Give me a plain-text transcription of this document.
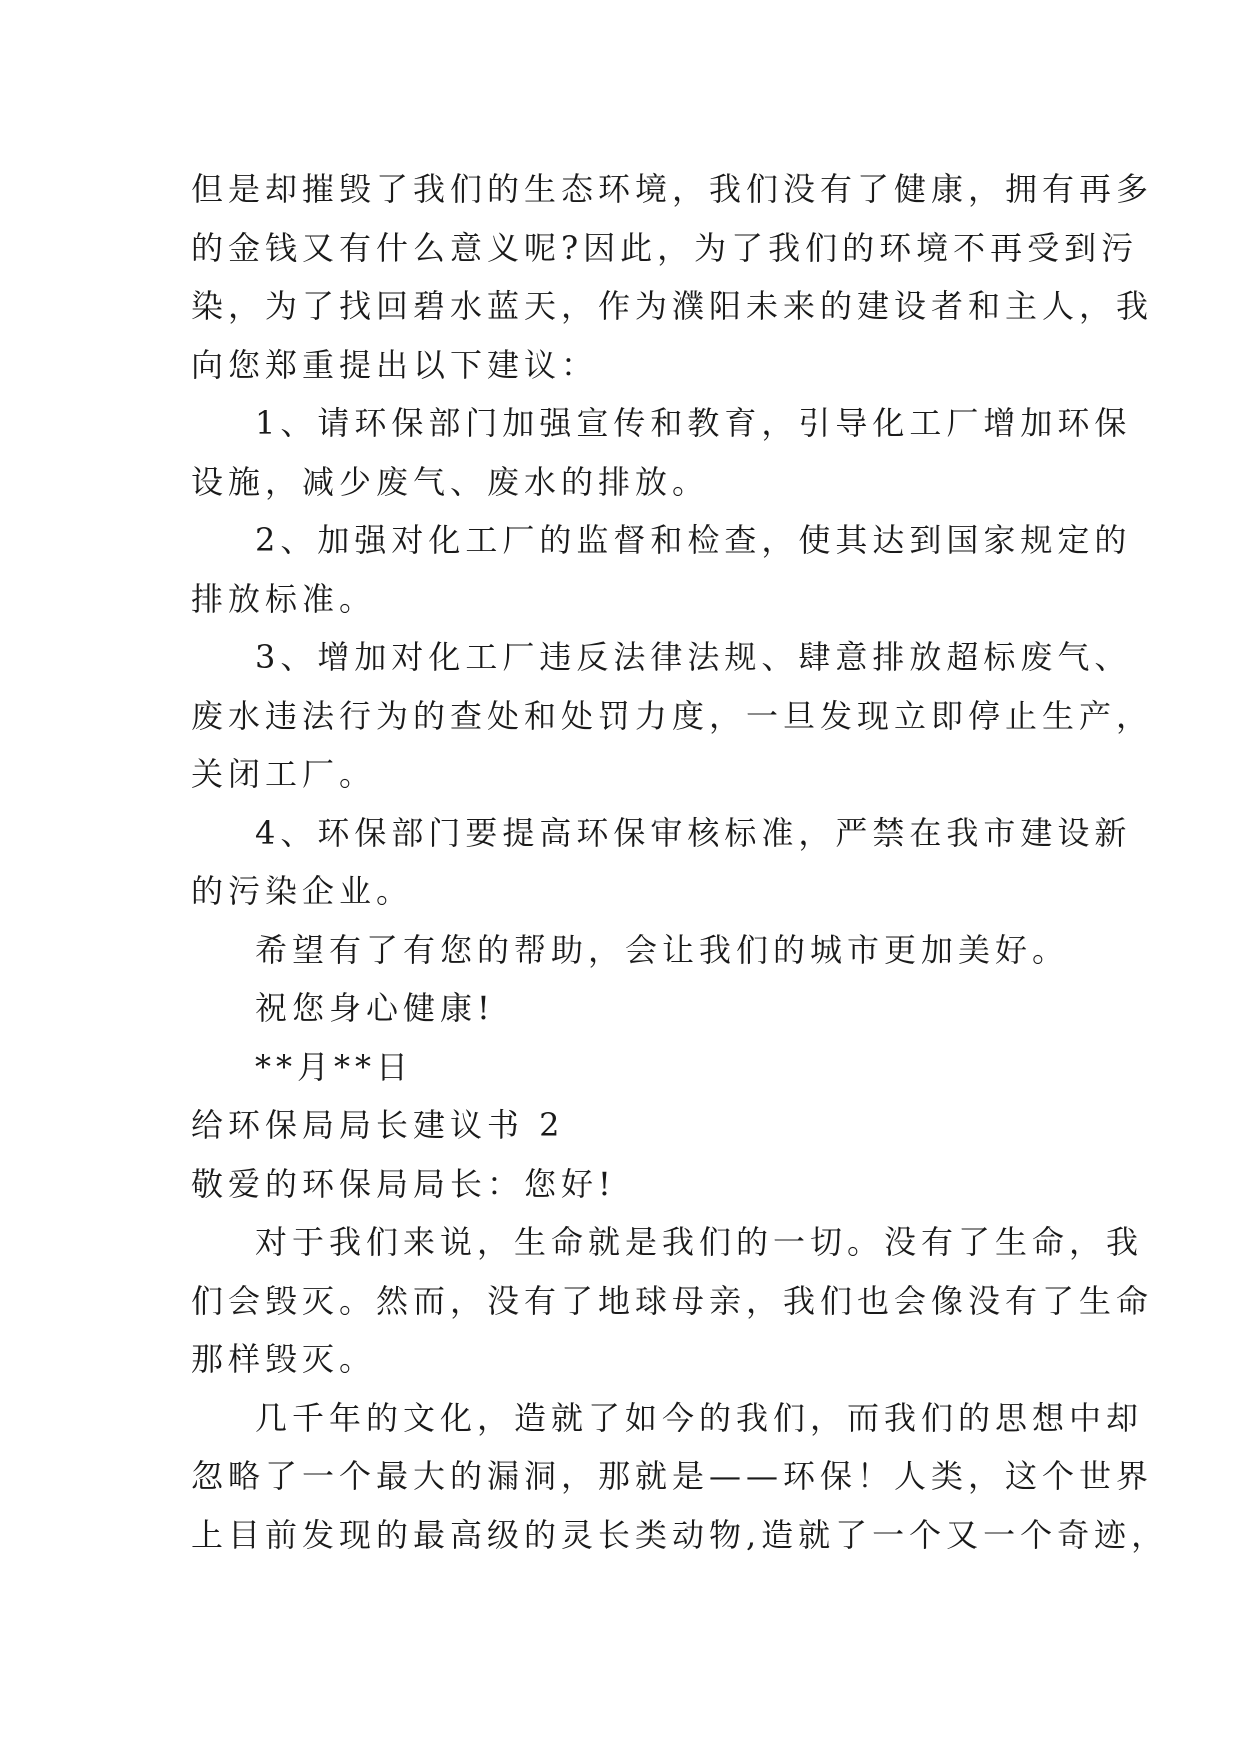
但是却摧毁了我们的生态环境，我们没有了健康，拥有再多
的金钱又有什么意义呢?因此，为了我们的环境不再受到污
染，为了找回碧水蓝天，作为濮阳未来的建设者和主人，我
向您郑重提出以下建议：
1、请环保部门加强宣传和教育，引导化工厂增加环保
设施，减少废气、废水的排放。
2、加强对化工厂的监督和检查，使其达到国家规定的
排放标准。
3、增加对化工厂违反法律法规、肆意排放超标废气、
废水违法行为的查处和处罚力度，一旦发现立即停止生产，
关闭工厂。
4、环保部门要提高环保审核标准，严禁在我市建设新
的污染企业。
希望有了有您的帮助，会让我们的城市更加美好。
祝您身心健康!
**月**日
给环保局局长建议书 2
敬爱的环保局局长：您好!
对于我们来说，生命就是我们的一切。没有了生命，我
们会毁灭。然而，没有了地球母亲，我们也会像没有了生命
那样毁灭。
几千年的文化，造就了如今的我们，而我们的思想中却
忽略了一个最大的漏洞，那就是——环保！人类，这个世界
上目前发现的最高级的灵长类动物,造就了一个又一个奇迹，
